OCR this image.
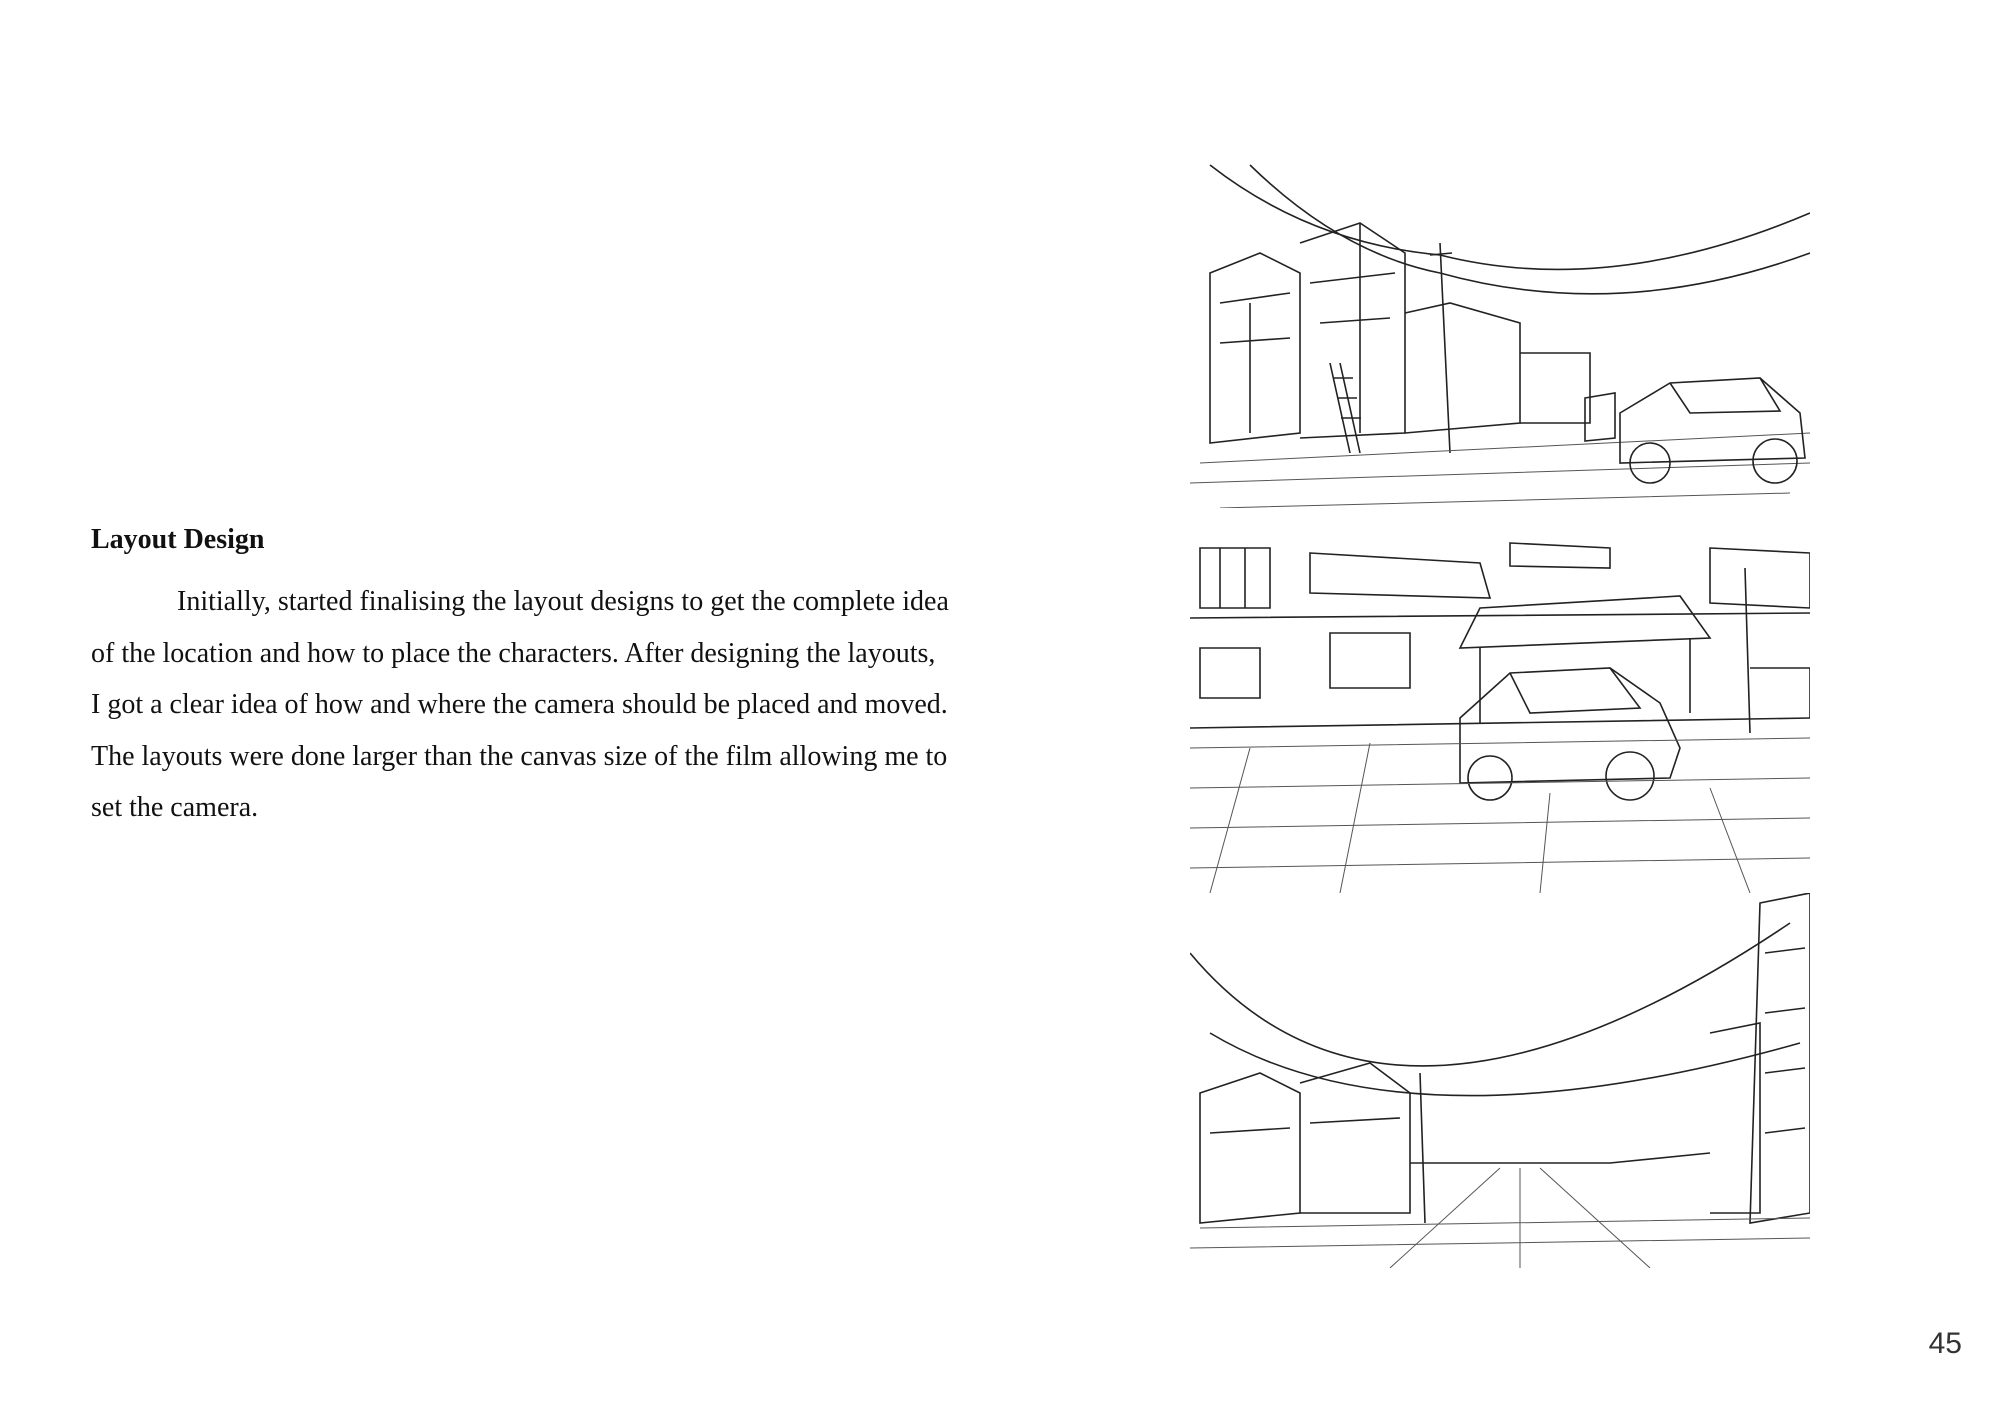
Layout Design

Initially, started finalising the layout designs to get the complete idea of the location and how to place the characters. After designing the layouts, I got a clear idea of how and where the camera should be placed and moved. The layouts were done larger than the canvas size of the film allowing me to set the camera.

45
